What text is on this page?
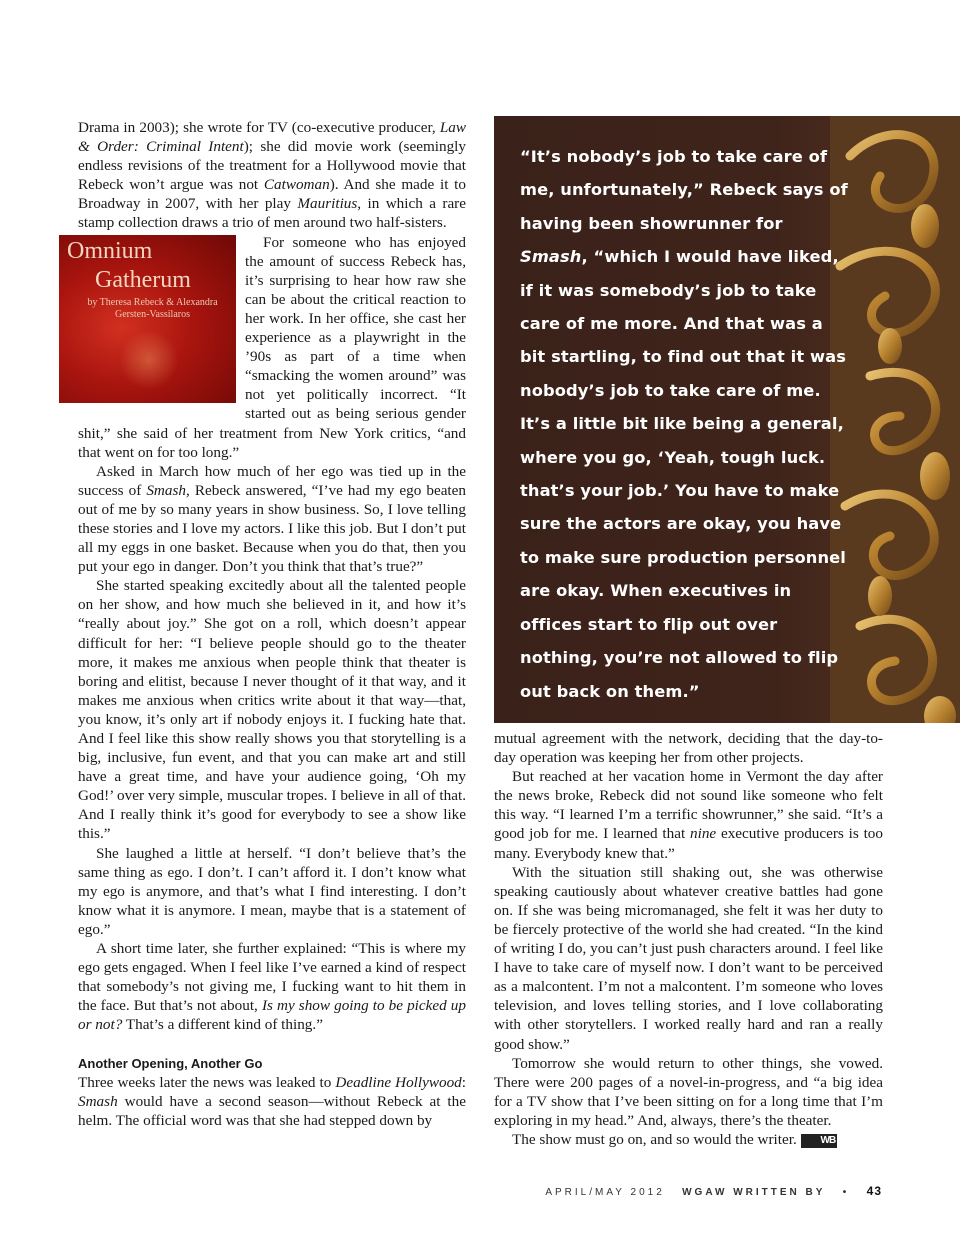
Drama in 2003); she wrote for TV (co-executive producer, Law & Order: Criminal Intent); she did movie work (seemingly endless revisions of the treatment for a Hollywood movie that Rebeck won’t argue was not Catwoman). And she made it to Broadway in 2007, with her play Mauritius, in which a rare stamp collection draws a trio of men around two half-sisters.

Omnium
Gatherum
by Theresa Rebeck & Alexandra Gersten-Vassilaros

For someone who has enjoyed the amount of success Rebeck has, it’s surprising to hear how raw she can be about the critical reaction to her work. In her office, she cast her experience as a playwright in the ’90s as part of a time when “smacking the women around” was not yet politically incorrect. “It started out as being serious gender shit,” she said of her treatment from New York critics, “and that went on for too long.”

Asked in March how much of her ego was tied up in the success of Smash, Rebeck answered, “I’ve had my ego beaten out of me by so many years in show business. So, I love telling these stories and I love my actors. I like this job. But I don’t put all my eggs in one basket. Because when you do that, then you put your ego in danger. Don’t you think that that’s true?”

She started speaking excitedly about all the talented people on her show, and how much she believed in it, and how it’s “really about joy.” She got on a roll, which doesn’t appear difficult for her: “I believe people should go to the theater more, it makes me anxious when people think that theater is boring and elitist, because I never thought of it that way, and it makes me anxious when critics write about it that way—that, you know, it’s only art if nobody enjoys it. I fucking hate that. And I feel like this show really shows you that storytelling is a big, inclusive, fun event, and that you can make art and still have a great time, and have your audience going, ‘Oh my God!’ over very simple, muscular tropes. I believe in all of that. And I really think it’s good for everybody to see a show like this.”

She laughed a little at herself. “I don’t believe that’s the same thing as ego. I don’t. I can’t afford it. I don’t know what my ego is anymore, and that’s what I find interesting. I don’t know what it is anymore. I mean, maybe that is a statement of ego.”

A short time later, she further explained: “This is where my ego gets engaged. When I feel like I’ve earned a kind of respect that somebody’s not giving me, I fucking want to hit them in the face. But that’s not about, Is my show going to be picked up or not? That’s a different kind of thing.”

Another Opening, Another Go

Three weeks later the news was leaked to Deadline Hollywood: Smash would have a second season—without Rebeck at the helm. The official word was that she had stepped down by

“It’s nobody’s job to take care of me, unfortunately,” Rebeck says of having been showrunner for Smash, “which I would have liked, if it was somebody’s job to take care of me more. And that was a bit startling, to find out that it was nobody’s job to take care of me. It’s a little bit like being a general, where you go, ‘Yeah, tough luck. that’s your job.’ You have to make sure the actors are okay, you have to make sure production personnel are okay. When executives in offices start to flip out over nothing, you’re not allowed to flip out back on them.”

mutual agreement with the network, deciding that the day-to-day operation was keeping her from other projects.

But reached at her vacation home in Vermont the day after the news broke, Rebeck did not sound like someone who felt this way. “I learned I’m a terrific showrunner,” she said. “It’s a good job for me. I learned that nine executive producers is too many. Everybody knew that.”

With the situation still shaking out, she was otherwise speaking cautiously about whatever creative battles had gone on. If she was being micromanaged, she felt it was her duty to be fiercely protective of the world she had created. “In the kind of writing I do, you can’t just push characters around. I feel like I have to take care of myself now. I don’t want to be perceived as a malcontent. I’m not a malcontent. I’m someone who loves television, and loves telling stories, and I love collaborating with other storytellers. I worked really hard and ran a really good show.”

Tomorrow she would return to other things, she vowed. There were 200 pages of a novel-in-progress, and “a big idea for a TV show that I’ve been sitting on for a long time that I’m exploring in my head.” And, always, there’s the theater.

The show must go on, and so would the writer. WB

APRIL/MAY 2012 WGAW WRITTEN BY • 43
